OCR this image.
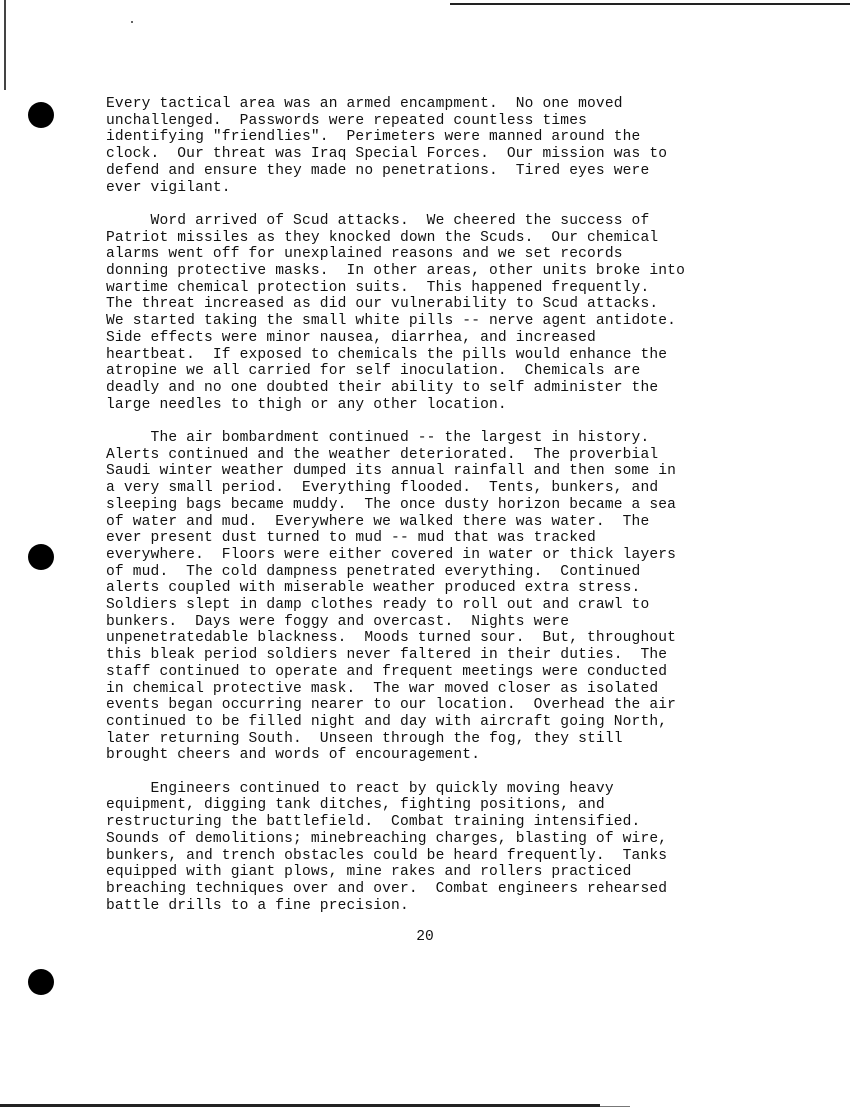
Every tactical area was an armed encampment.  No one moved
unchallenged.  Passwords were repeated countless times
identifying "friendlies".  Perimeters were manned around the
clock.  Our threat was Iraq Special Forces.  Our mission was to
defend and ensure they made no penetrations.  Tired eyes were
ever vigilant.
Word arrived of Scud attacks.  We cheered the success of
Patriot missiles as they knocked down the Scuds.  Our chemical
alarms went off for unexplained reasons and we set records
donning protective masks.  In other areas, other units broke into
wartime chemical protection suits.  This happened frequently.
The threat increased as did our vulnerability to Scud attacks.
We started taking the small white pills -- nerve agent antidote.
Side effects were minor nausea, diarrhea, and increased
heartbeat.  If exposed to chemicals the pills would enhance the
atropine we all carried for self inoculation.  Chemicals are
deadly and no one doubted their ability to self administer the
large needles to thigh or any other location.
The air bombardment continued -- the largest in history.
Alerts continued and the weather deteriorated.  The proverbial
Saudi winter weather dumped its annual rainfall and then some in
a very small period.  Everything flooded.  Tents, bunkers, and
sleeping bags became muddy.  The once dusty horizon became a sea
of water and mud.  Everywhere we walked there was water.  The
ever present dust turned to mud -- mud that was tracked
everywhere.  Floors were either covered in water or thick layers
of mud.  The cold dampness penetrated everything.  Continued
alerts coupled with miserable weather produced extra stress.
Soldiers slept in damp clothes ready to roll out and crawl to
bunkers.  Days were foggy and overcast.  Nights were
unpenetratedable blackness.  Moods turned sour.  But, throughout
this bleak period soldiers never faltered in their duties.  The
staff continued to operate and frequent meetings were conducted
in chemical protective mask.  The war moved closer as isolated
events began occurring nearer to our location.  Overhead the air
continued to be filled night and day with aircraft going North,
later returning South.  Unseen through the fog, they still
brought cheers and words of encouragement.
Engineers continued to react by quickly moving heavy
equipment, digging tank ditches, fighting positions, and
restructuring the battlefield.  Combat training intensified.
Sounds of demolitions; minebreaching charges, blasting of wire,
bunkers, and trench obstacles could be heard frequently.  Tanks
equipped with giant plows, mine rakes and rollers practiced
breaching techniques over and over.  Combat engineers rehearsed
battle drills to a fine precision.
20
